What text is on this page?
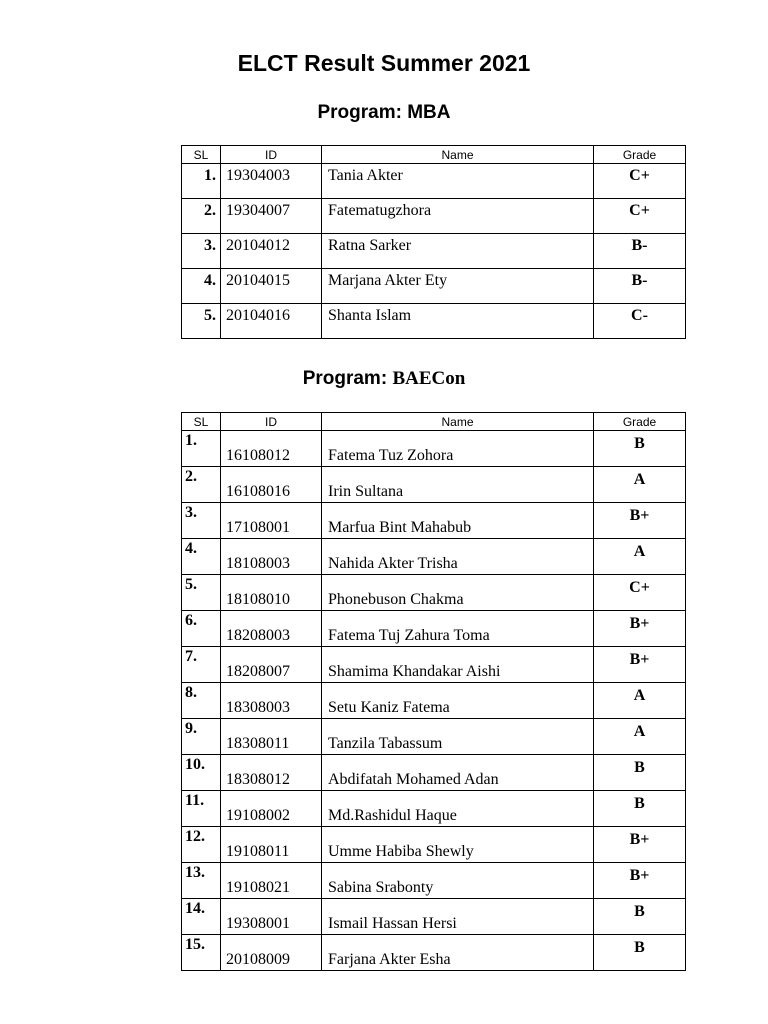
ELCT Result Summer 2021
Program: MBA
SL	ID	Name	Grade
1.	19304003	Tania Akter	C+
2.	19304007	Fatematugzhora	C+
3.	20104012	Ratna Sarker	B-
4.	20104015	Marjana Akter Ety	B-
5.	20104016	Shanta Islam	C-
Program: BAECon
SL	ID	Name	Grade
1.	16108012	Fatema Tuz Zohora	B
2.	16108016	Irin Sultana	A
3.	17108001	Marfua Bint Mahabub	B+
4.	18108003	Nahida Akter Trisha	A
5.	18108010	Phonebuson Chakma	C+
6.	18208003	Fatema Tuj Zahura Toma	B+
7.	18208007	Shamima Khandakar Aishi	B+
8.	18308003	Setu Kaniz Fatema	A
9.	18308011	Tanzila Tabassum	A
10.	18308012	Abdifatah Mohamed Adan	B
11.	19108002	Md.Rashidul Haque	B
12.	19108011	Umme Habiba Shewly	B+
13.	19108021	Sabina Srabonty	B+
14.	19308001	Ismail Hassan Hersi	B
15.	20108009	Farjana Akter Esha	B
